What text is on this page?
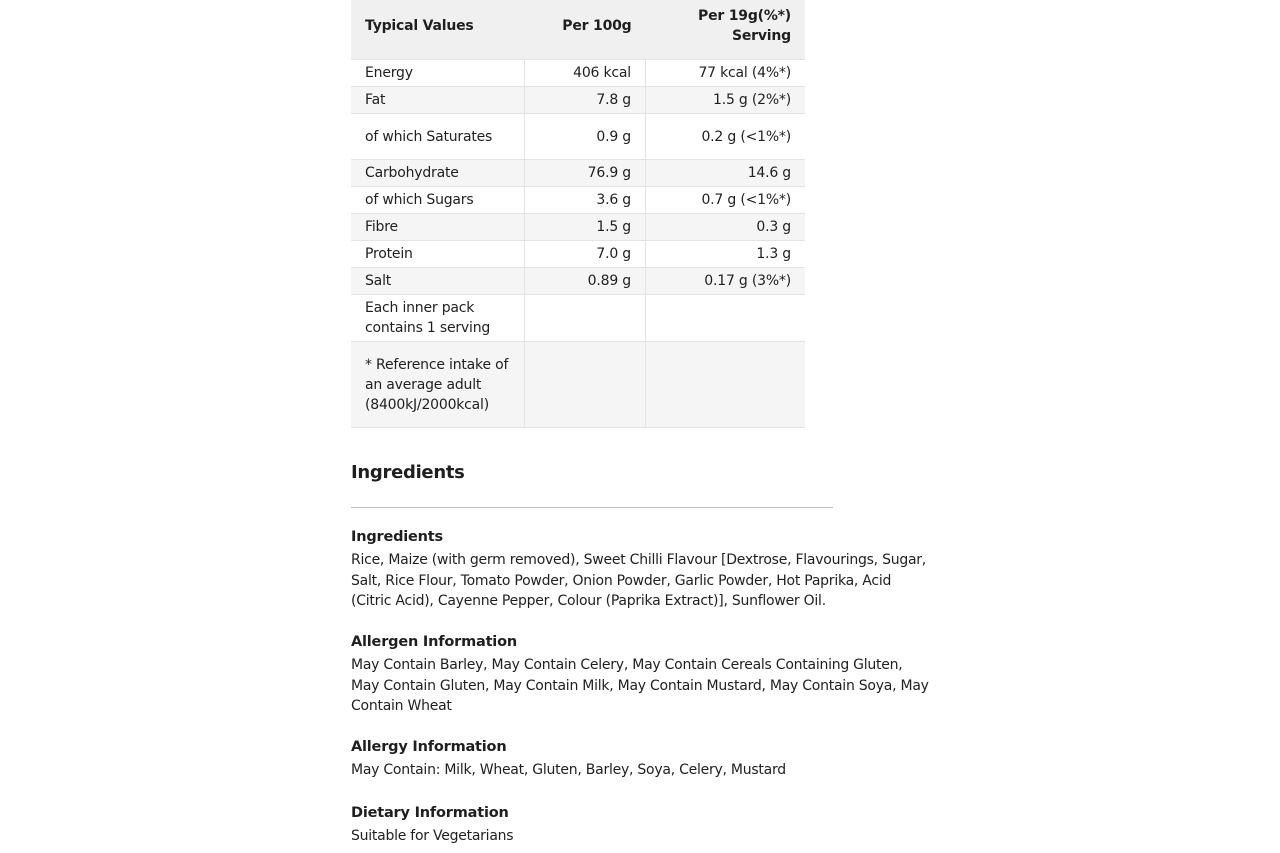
Typical Values	Per 100g	Per 19g(%*) Serving
Energy	406 kcal	77 kcal (4%*)
Fat	7.8 g	1.5 g (2%*)
of which Saturates	0.9 g	0.2 g (<1%*)
Carbohydrate	76.9 g	14.6 g
of which Sugars	3.6 g	0.7 g (<1%*)
Fibre	1.5 g	0.3 g
Protein	7.0 g	1.3 g
Salt	0.89 g	0.17 g (3%*)
Each inner pack contains 1 serving		
* Reference intake of an average adult (8400kJ/2000kcal)		
Ingredients
Ingredients

Rice, Maize (with germ removed), Sweet Chilli Flavour [Dextrose, Flavourings, Sugar, Salt, Rice Flour, Tomato Powder, Onion Powder, Garlic Powder, Hot Paprika, Acid (Citric Acid), Cayenne Pepper, Colour (Paprika Extract)], Sunflower Oil.

Allergen Information

May Contain Barley, May Contain Celery, May Contain Cereals Containing Gluten, May Contain Gluten, May Contain Milk, May Contain Mustard, May Contain Soya, May Contain Wheat

Allergy Information

May Contain: Milk, Wheat, Gluten, Barley, Soya, Celery, Mustard

Dietary Information

Suitable for Vegetarians
